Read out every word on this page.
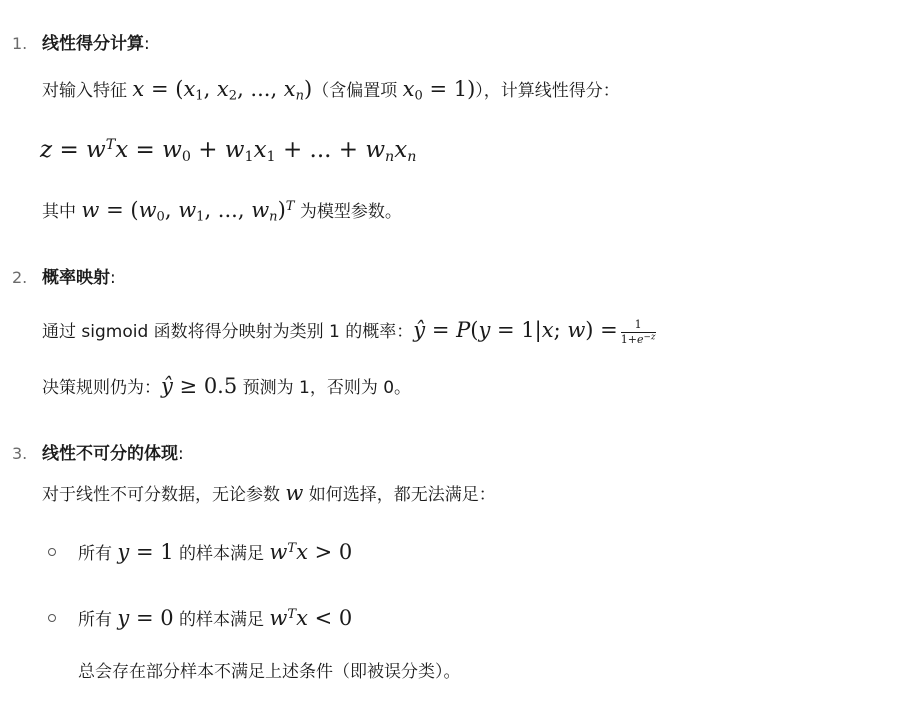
1. 线性得分计算:
对输入特征 $x = (x_1$, $x_2$, ..., $x_n$)（含偏置项 $x_0 = 1$)），计算线性得分：
$z = w^Tx = w_0 + w_1x_1$ + ... + $w_nx_n$
其中 $w = (w_0$, $w_1$, ..., $w_n)^T$ 为模型参数。
2. 概率映射:
通过 sigmoid 函数将得分映射为类别 1 的概率：ŷ = P(y = 1|x; $w) = \frac{1}{1+e^{-z}}$
决策规则仍为：ŷ ≥ 0.5 预测为 1，否则为 0。
3. 线性不可分的体现:
对于线性不可分数据，无论参数 w 如何选择，都无法满足：
所有 y = 1 的样本满足 $w^Tx > 0$
所有 y = 0 的样本满足 $w^Tx < 0$
总会存在部分样本不满足上述条件（即被误分类）。
